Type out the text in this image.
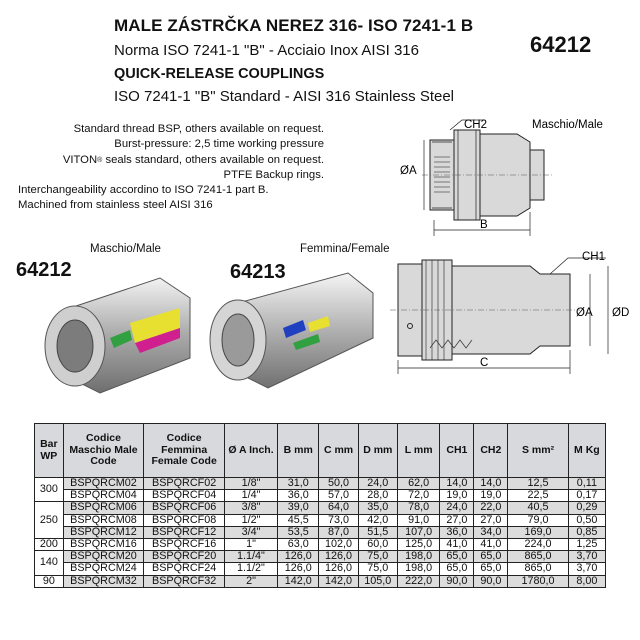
MALE ZÁSTRČKA NEREZ 316- ISO 7241-1 B
Norma ISO 7241-1 "B" - Acciaio Inox AISI 316
QUICK-RELEASE COUPLINGS
ISO 7241-1 "B" Standard - AISI 316 Stainless Steel
64212
Standard thread BSP, others available on request.
Burst-pressure: 2,5 time working pressure
VITON® seals standard, others available on request.
PTFE Backup rings.
Interchangeability accordino to ISO 7241-1 part B.
Machined from stainless steel AISI 316
CH2	Maschio/Male
ØA
B
Maschio/Male	Femmina/Female
64212	64213
CH1
ØA ØD
C
Bar WP	Codice Maschio Male Code	Codice Femmina Female Code	Ø A Inch.	B mm	C mm	D mm	L mm	CH1	CH2	S mm²	M Kg
300	BSPQRCM02	BSPQRCF02	1/8"	31,0	50,0	24,0	62,0	14,0	14,0	12,5	0,11
	BSPQRCM04	BSPQRCF04	1/4"	36,0	57,0	28,0	72,0	19,0	19,0	22,5	0,17
250	BSPQRCM06	BSPQRCF06	3/8"	39,0	64,0	35,0	78,0	24,0	22,0	40,5	0,29
	BSPQRCM08	BSPQRCF08	1/2"	45,5	73,0	42,0	91,0	27,0	27,0	79,0	0,50
	BSPQRCM12	BSPQRCF12	3/4"	53,5	87,0	51,5	107,0	36,0	34,0	169,0	0,85
200	BSPQRCM16	BSPQRCF16	1"	63,0	102,0	60,0	125,0	41,0	41,0	224,0	1,25
140	BSPQRCM20	BSPQRCF20	1.1/4"	126,0	126,0	75,0	198,0	65,0	65,0	865,0	3,70
	BSPQRCM24	BSPQRCF24	1.1/2"	126,0	126,0	75,0	198,0	65,0	65,0	865,0	3,70
90	BSPQRCM32	BSPQRCF32	2"	142,0	142,0	105,0	222,0	90,0	90,0	1780,0	8,00
